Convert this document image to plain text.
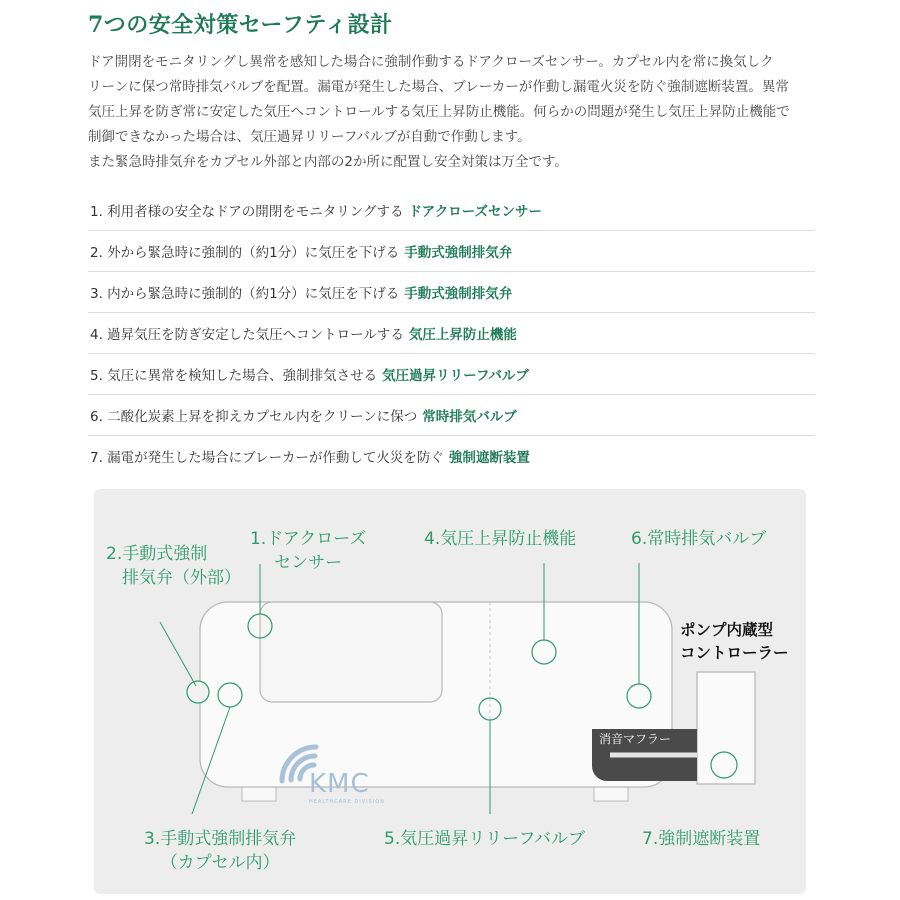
7つの安全対策セーフティ設計

ドア開閉をモニタリングし異常を感知した場合に強制作動するドアクローズセンサー。カプセル内を常に換気しク

リーンに保つ常時排気バルブを配置。漏電が発生した場合、ブレーカーが作動し漏電火災を防ぐ強制遮断装置。異常

気圧上昇を防ぎ常に安定した気圧へコントロールする気圧上昇防止機能。何らかの問題が発生し気圧上昇防止機能で

制御できなかった場合は、気圧過昇リリーフバルブが自動で作動します。

また緊急時排気弁をカプセル外部と内部の2か所に配置し安全対策は万全です。

1. 利用者様の安全なドアの開閉をモニタリングする ドアクローズセンサー
2. 外から緊急時に強制的（約1分）に気圧を下げる 手動式強制排気弁
3. 内から緊急時に強制的（約1分）に気圧を下げる 手動式強制排気弁
4. 過昇気圧を防ぎ安定した気圧へコントロールする 気圧上昇防止機能
5. 気圧に異常を検知した場合、強制排気させる 気圧過昇リリーフバルブ
6. 二酸化炭素上昇を抑えカプセル内をクリーンに保つ 常時排気バルブ
7. 漏電が発生した場合にブレーカーが作動して火災を防ぐ 強制遮断装置
2.手動式強制
排気弁（外部）
1.ドアクローズ
センサー
4.気圧上昇防止機能	6.常時排気バルブ
ポンプ内蔵型
コントローラー
消音マフラー
KMC
HEALTHCARE DIVISION
3.手動式強制排気弁
（カプセル内）
5.気圧過昇リリーフバルブ	7.強制遮断装置
